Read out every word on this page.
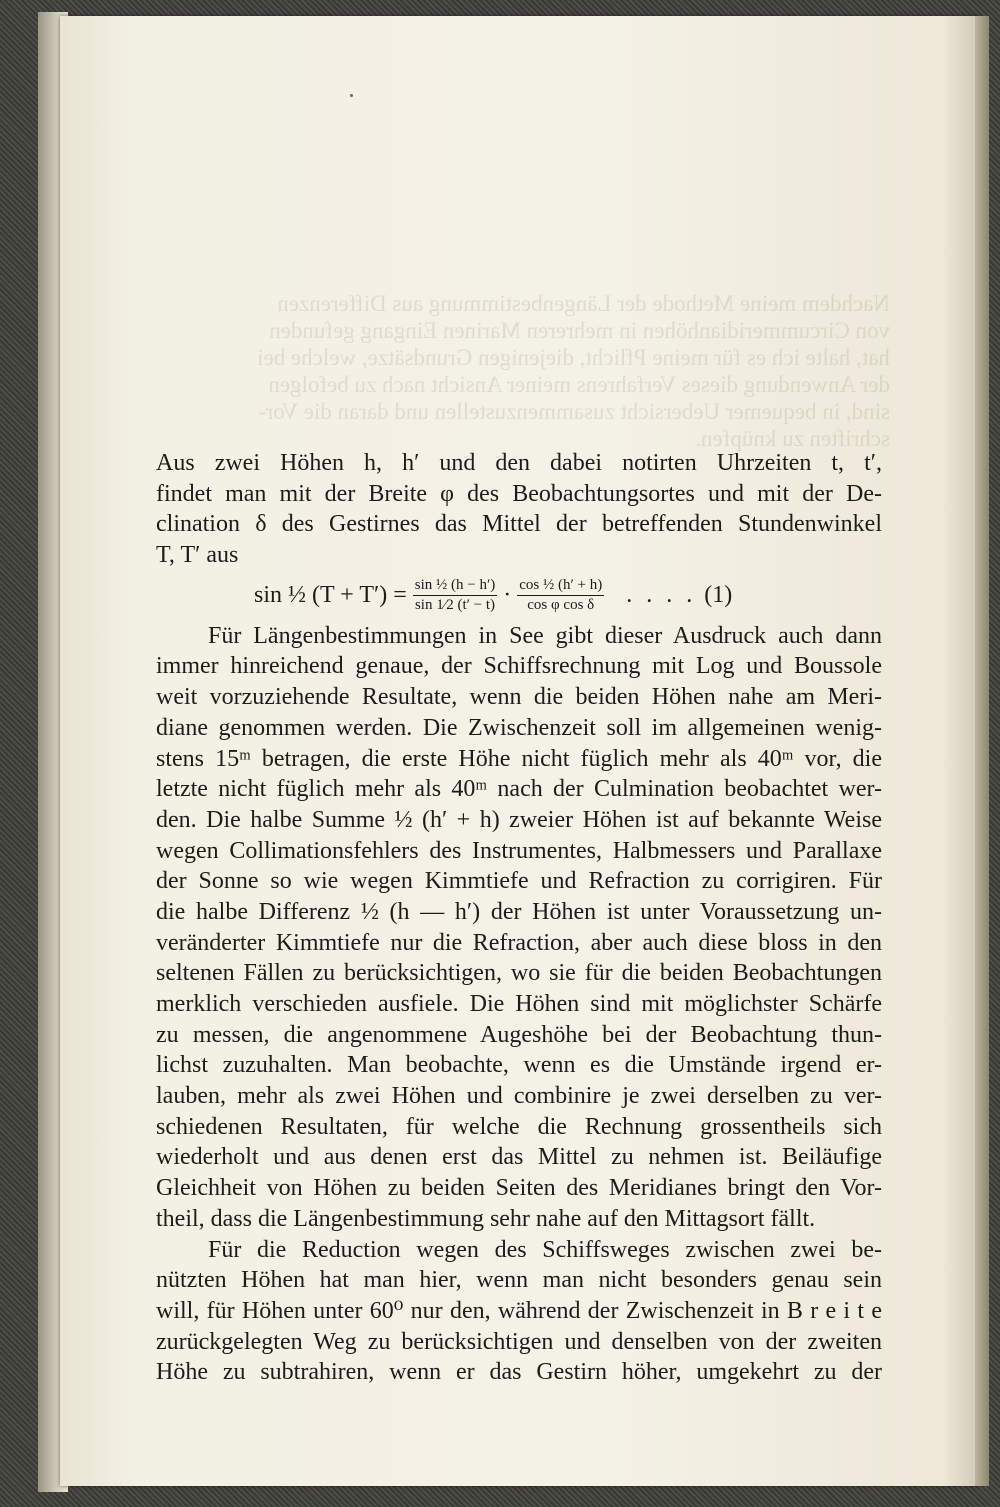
Nachdem meine Methode der Längenbestimmung aus Differenzen
von Circummeridianhöhen in mehreren Marinen Eingang gefunden
hat, halte ich es für meine Pflicht, diejenigen Grundsätze, welche bei
der Anwendung dieses Verfahrens meiner Ansicht nach zu befolgen
sind, in bequemer Uebersicht zusammenzustellen und daran die Vor-
schriften zu knüpfen.
Aus zwei Höhen h, h′ und den dabei notirten Uhrzeiten t, t′,
findet man mit der Breite φ des Beobachtungsortes und mit der De-
clination δ des Gestirnes das Mittel der betreffenden Stundenwinkel
T, T′ aus
sin ½ $(T + T') = \frac{\text{sin ½ (h − h′)}}{\sin 1⁄2 (t' - t)} \cdot \frac{\text{cos ½ (h′ + h)}}{\text{cos φ cos δ}}$ . . . . (1)
Für Längenbestimmungen in See gibt dieser Ausdruck auch dann
immer hinreichend genaue, der Schiffsrechnung mit Log und Boussole
weit vorzuziehende Resultate, wenn die beiden Höhen nahe am Meri-
diane genommen werden. Die Zwischenzeit soll im allgemeinen wenig-
stens 15ᵐ betragen, die erste Höhe nicht füglich mehr als 40ᵐ vor, die
letzte nicht füglich mehr als 40ᵐ nach der Culmination beobachtet wer-
den. Die halbe Summe ½ (h′ + h) zweier Höhen ist auf bekannte Weise
wegen Collimationsfehlers des Instrumentes, Halbmessers und Parallaxe
der Sonne so wie wegen Kimmtiefe und Refraction zu corrigiren. Für
die halbe Differenz ½ (h — h′) der Höhen ist unter Voraussetzung un-
veränderter Kimmtiefe nur die Refraction, aber auch diese bloss in den
seltenen Fällen zu berücksichtigen, wo sie für die beiden Beobachtungen
merklich verschieden ausfiele. Die Höhen sind mit möglichster Schärfe
zu messen, die angenommene Augeshöhe bei der Beobachtung thun-
lichst zuzuhalten. Man beobachte, wenn es die Umstände irgend er-
lauben, mehr als zwei Höhen und combinire je zwei derselben zu ver-
schiedenen Resultaten, für welche die Rechnung grossentheils sich
wiederholt und aus denen erst das Mittel zu nehmen ist. Beiläufige
Gleichheit von Höhen zu beiden Seiten des Meridianes bringt den Vor-
theil, dass die Längenbestimmung sehr nahe auf den Mittagsort fällt.
Für die Reduction wegen des Schiffsweges zwischen zwei be-
nützten Höhen hat man hier, wenn man nicht besonders genau sein
will, für Höhen unter 60⁰ nur den, während der Zwischenzeit in B r e i t e
zurückgelegten Weg zu berücksichtigen und denselben von der zweiten
Höhe zu subtrahiren, wenn er das Gestirn höher, umgekehrt zu der
